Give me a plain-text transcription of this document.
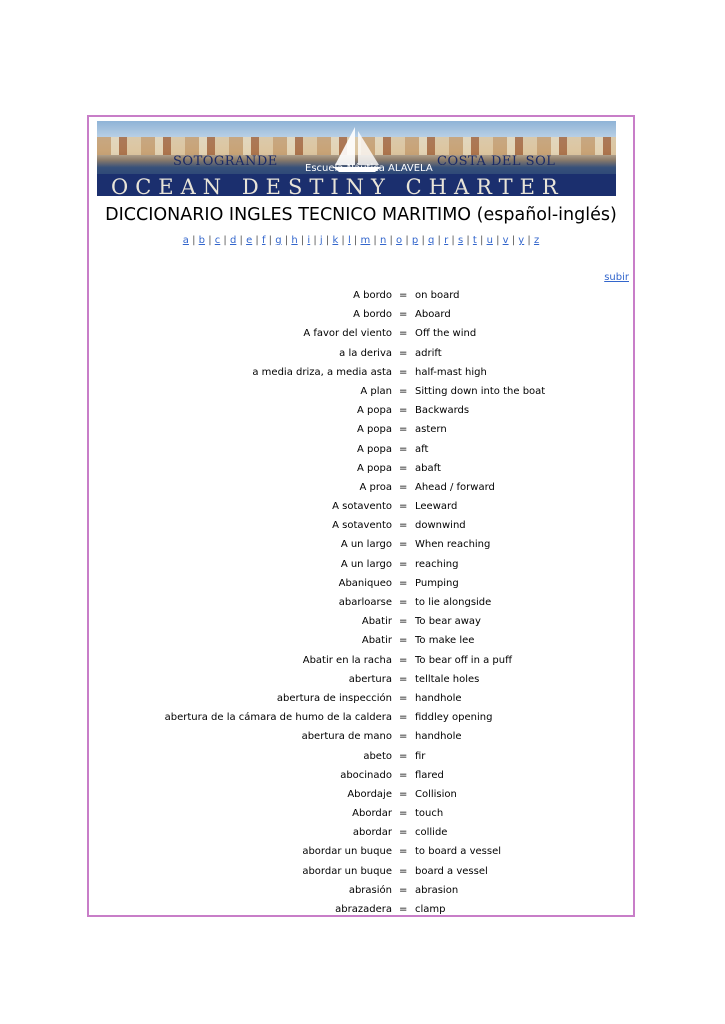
SOTOGRANDE	Escuela Náutica ALAVELA COSTA DEL SOL
OCEAN DESTINY CHARTER
DICCIONARIO INGLES TECNICO MARITIMO (español-inglés)
a | b | c | d | e | f | g | h | i | j | k | l | m | n | o | p | q | r | s | t | u | v | y | z
subir
A bordo = on board
A bordo = Aboard
A favor del viento = Off the wind
a la deriva = adrift
a media driza, a media asta = half-mast high
A plan = Sitting down into the boat
A popa = Backwards
A popa = astern
A popa = aft
A popa = abaft
A proa = Ahead / forward
A sotavento = Leeward
A sotavento = downwind
A un largo = When reaching
A un largo = reaching
Abaniqueo = Pumping
abarloarse = to lie alongside
Abatir = To bear away
Abatir = To make lee
Abatir en la racha = To bear off in a puff
abertura = telltale holes
abertura de inspección = handhole
abertura de la cámara de humo de la caldera = fiddley opening
abertura de mano = handhole
abeto = fir
abocinado = flared
Abordaje = Collision
Abordar = touch
abordar = collide
abordar un buque = to board a vessel
abordar un buque = board a vessel
abrasión = abrasion
abrazadera = clamp
